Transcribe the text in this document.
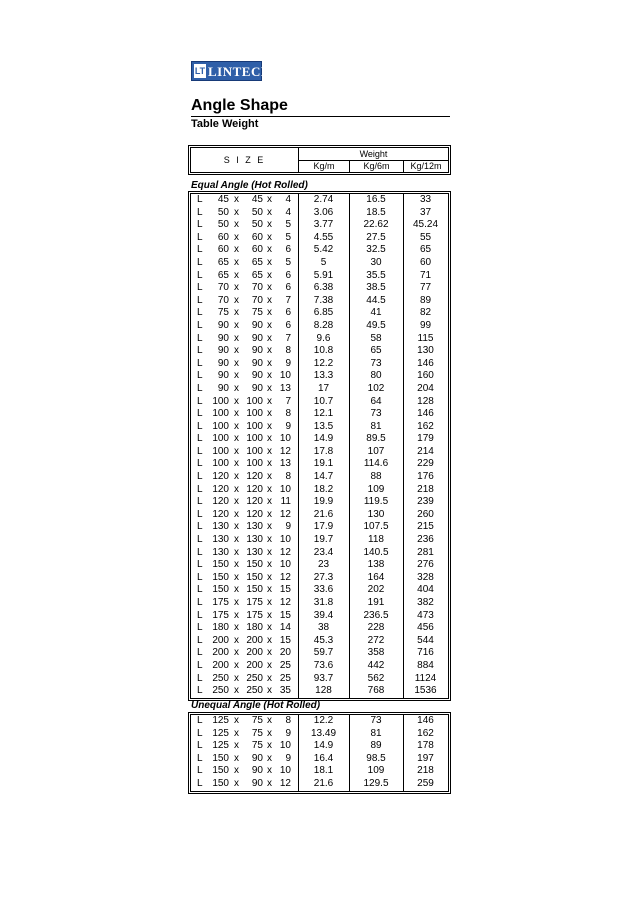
LT LINTECH
Angle Shape
Table Weight
S I Z E
Weight
Kg/m	Kg/6m	Kg/12m
Equal Angle (Hot Rolled)
L	45 x	45 x	4	2.74	16.5	33
L	50 x	50 x	4	3.06	18.5	37
L	50 x	50 x	5	3.77	22.62	45.24
L	60 x	60 x	5	4.55	27.5	55
L	60 x	60 x	6	5.42	32.5	65
L	65 x	65 x	5	5	30	60
L	65 x	65 x	6	5.91	35.5	71
L	70 x	70 x	6	6.38	38.5	77
L	70 x	70 x	7	7.38	44.5	89
L	75 x	75 x	6	6.85	41	82
L	90 x	90 x	6	8.28	49.5	99
L	90 x	90 x	7	9.6	58	115
L	90 x	90 x	8	10.8	65	130
L	90 x	90 x	9	12.2	73	146
L	90 x	90 x 10	13.3	80	160
L	90 x	90 x 13	17	102	204
L 100 x 100 x	7	10.7	64	128
L 100 x 100 x	8	12.1	73	146
L 100 x 100 x	9	13.5	81	162
L 100 x 100 x 10	14.9	89.5	179
L 100 x 100 x 12	17.8	107	214
L 100 x 100 x 13	19.1	114.6	229
L 120 x 120 x	8	14.7	88	176
L 120 x 120 x 10	18.2	109	218
L 120 x 120 x 11	19.9	119.5	239
L 120 x 120 x 12	21.6	130	260
L 130 x 130 x	9	17.9	107.5	215
L 130 x 130 x 10	19.7	118	236
L 130 x 130 x 12	23.4	140.5	281
L 150 x 150 x 10	23	138	276
L 150 x 150 x 12	27.3	164	328
L 150 x 150 x 15	33.6	202	404
L 175 x 175 x 12	31.8	191	382
L 175 x 175 x 15	39.4	236.5	473
L 180 x 180 x 14	38	228	456
L 200 x 200 x 15	45.3	272	544
L 200 x 200 x 20	59.7	358	716
L 200 x 200 x 25	73.6	442	884
L 250 x 250 x 25	93.7	562	1124
L 250 x 250 x 35	128	768	1536
Unequal Angle (Hot Rolled)
L 125 x	75 x	8	12.2	73	146
L 125 x	75 x	9	13.49	81	162
L 125 x	75 x 10	14.9	89	178
L 150 x	90 x	9	16.4	98.5	197
L 150 x	90 x 10	18.1	109	218
L 150 x	90 x 12	21.6	129.5	259
